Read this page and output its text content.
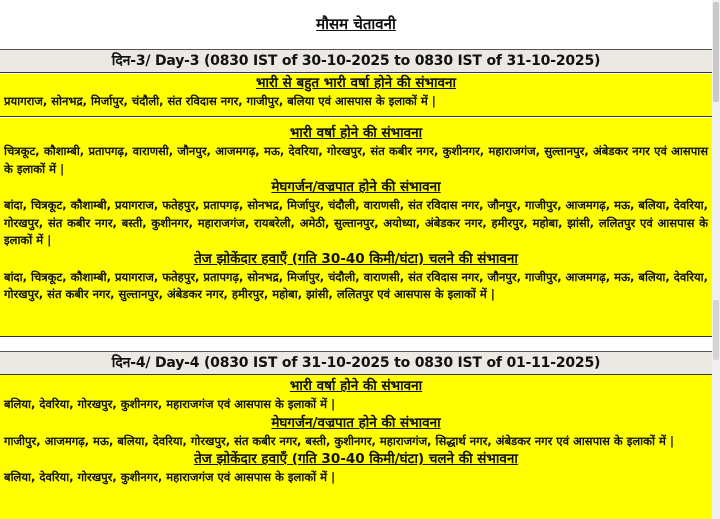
मौसम चेतावनी
दिन-3/ Day-3 (0830 IST of 30-10-2025 to 0830 IST of 31-10-2025)
भारी से बहुत भारी वर्षा होने की संभावना
प्रयागराज, सोनभद्र, मिर्जापुर, चंदौली, संत रविदास नगर, गाजीपुर, बलिया एवं आसपास के इलाकों में |
भारी वर्षा होने की संभावना
चित्रकूट, कौशाम्बी, प्रतापगढ़, वाराणसी, जौनपुर, आजमगढ़, मऊ, देवरिया, गोरखपुर, संत कबीर नगर, कुशीनगर, महाराजगंज, सुल्तानपुर, अंबेडकर नगर एवं आसपास के इलाकों में |
मेघगर्जन/वज्रपात होने की संभावना
बांदा, चित्रकूट, कौशाम्बी, प्रयागराज, फतेहपुर, प्रतापगढ़, सोनभद्र, मिर्जापुर, चंदौली, वाराणसी, संत रविदास नगर, जौनपुर, गाजीपुर, आजमगढ़, मऊ, बलिया, देवरिया, गोरखपुर, संत कबीर नगर, बस्ती, कुशीनगर, महाराजगंज, रायबरेली, अमेठी, सुल्तानपुर, अयोध्या, अंबेडकर नगर, हमीरपुर, महोबा, झांसी, ललितपुर एवं आसपास के इलाकों में |
तेज झोकेंदार हवाएँ (गति 30-40 किमी/घंटा) चलने की संभावना
बांदा, चित्रकूट, कौशाम्बी, प्रयागराज, फतेहपुर, प्रतापगढ़, सोनभद्र, मिर्जापुर, चंदौली, वाराणसी, संत रविदास नगर, जौनपुर, गाजीपुर, आजमगढ़, मऊ, बलिया, देवरिया, गोरखपुर, संत कबीर नगर, सुल्तानपुर, अंबेडकर नगर, हमीरपुर, महोबा, झांसी, ललितपुर एवं आसपास के इलाकों में |
दिन-4/ Day-4 (0830 IST of 31-10-2025 to 0830 IST of 01-11-2025)
भारी वर्षा होने की संभावना
बलिया, देवरिया, गोरखपुर, कुशीनगर, महाराजगंज एवं आसपास के इलाकों में |
मेघगर्जन/वज्रपात होने की संभावना
गाजीपुर, आजमगढ़, मऊ, बलिया, देवरिया, गोरखपुर, संत कबीर नगर, बस्ती, कुशीनगर, महाराजगंज, सिद्धार्थ नगर, अंबेडकर नगर एवं आसपास के इलाकों में |
तेज झोकेंदार हवाएँ (गति 30-40 किमी/घंटा) चलने की संभावना
बलिया, देवरिया, गोरखपुर, कुशीनगर, महाराजगंज एवं आसपास के इलाकों में |
